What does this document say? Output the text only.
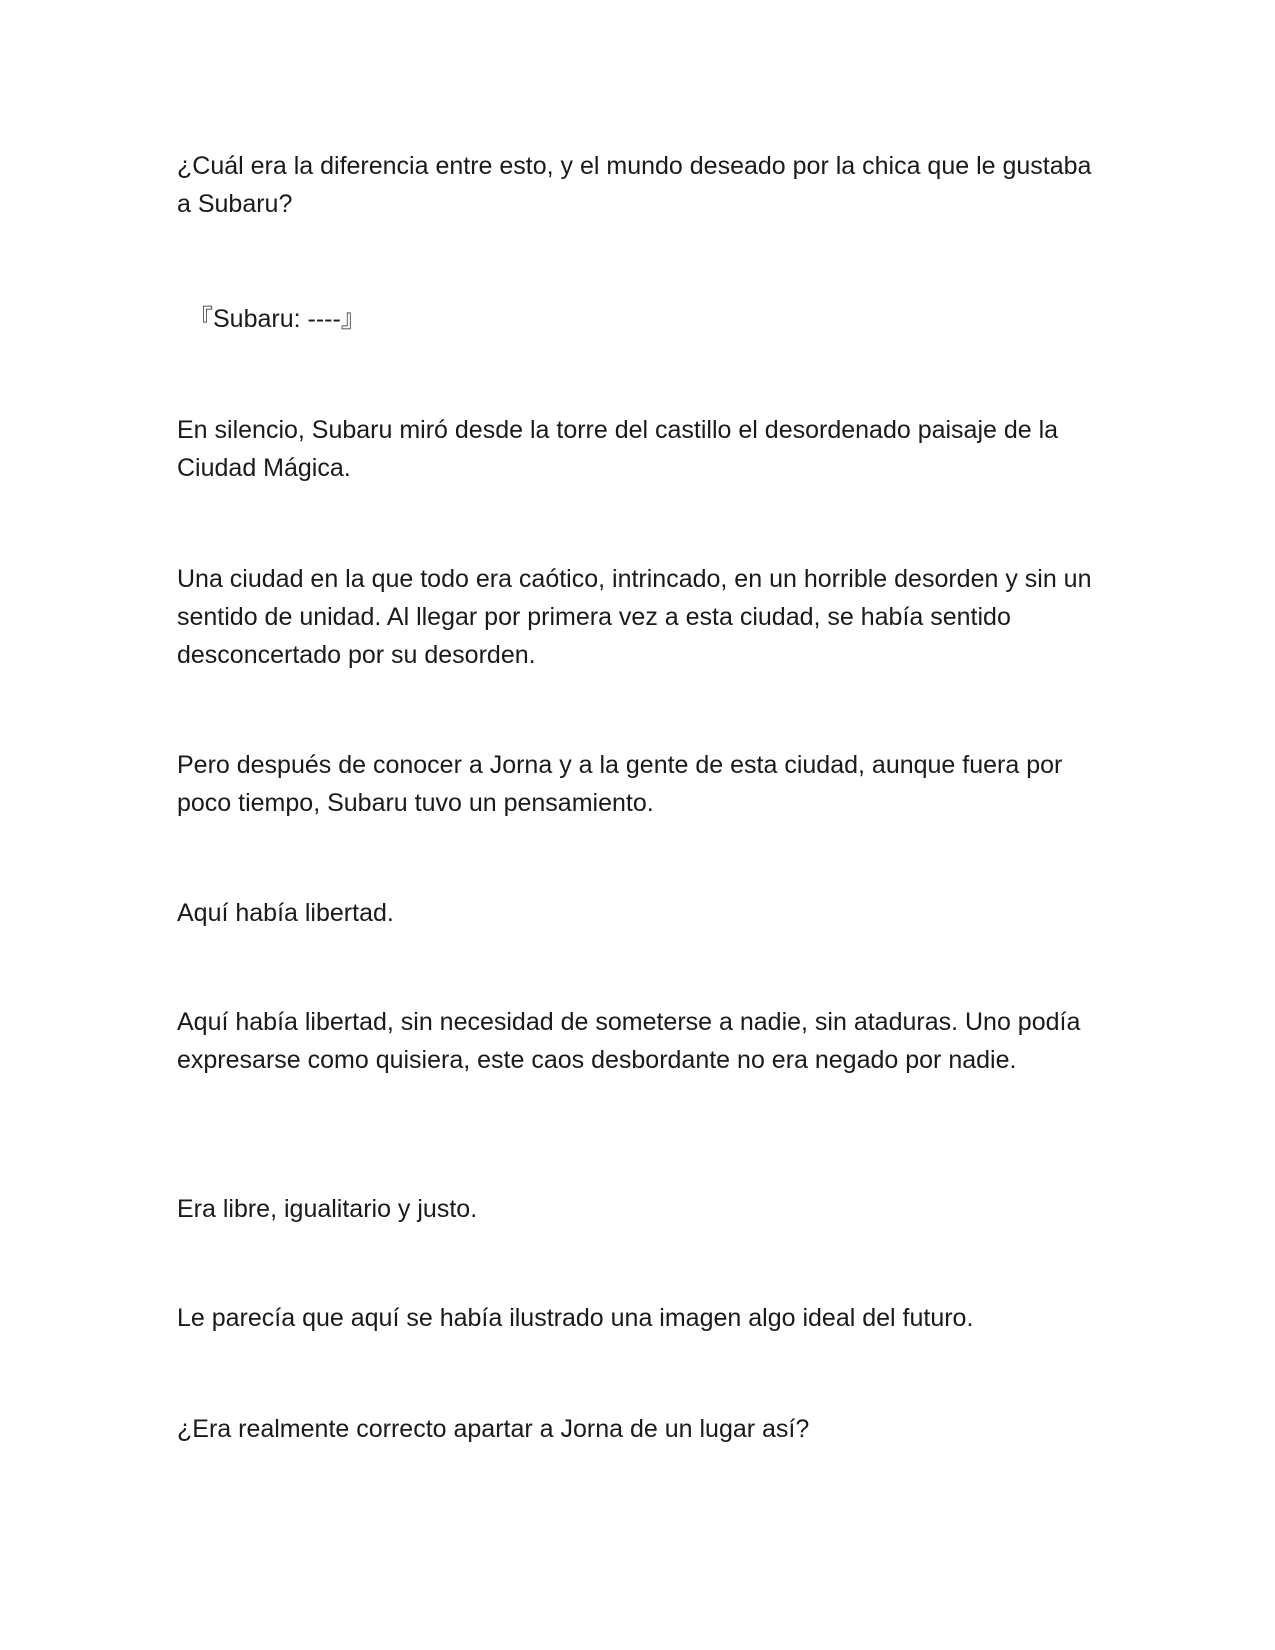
¿Cuál era la diferencia entre esto, y el mundo deseado por la chica que le gustaba a Subaru?

『Subaru: ----』

En silencio, Subaru miró desde la torre del castillo el desordenado paisaje de la Ciudad Mágica.

Una ciudad en la que todo era caótico, intrincado, en un horrible desorden y sin un sentido de unidad. Al llegar por primera vez a esta ciudad, se había sentido desconcertado por su desorden.

Pero después de conocer a Jorna y a la gente de esta ciudad, aunque fuera por poco tiempo, Subaru tuvo un pensamiento.

Aquí había libertad.

Aquí había libertad, sin necesidad de someterse a nadie, sin ataduras. Uno podía expresarse como quisiera, este caos desbordante no era negado por nadie.

Era libre, igualitario y justo.

Le parecía que aquí se había ilustrado una imagen algo ideal del futuro.

¿Era realmente correcto apartar a Jorna de un lugar así?
